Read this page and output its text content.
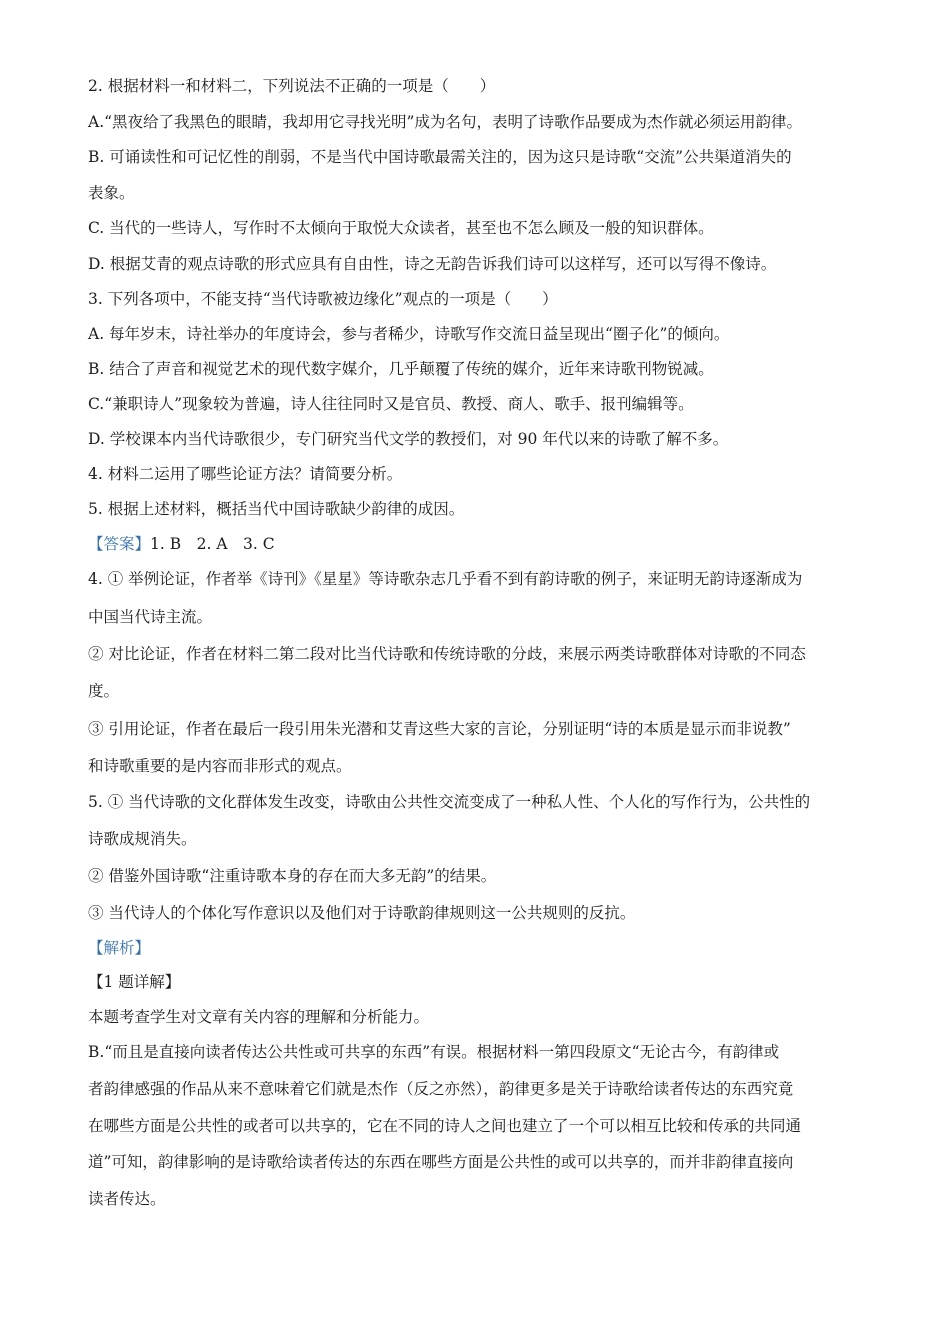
2. 根据材料一和材料二，下列说法不正确的一项是（　　）

A.“黑夜给了我黑色的眼睛，我却用它寻找光明”成为名句，表明了诗歌作品要成为杰作就必须运用韵律。

B. 可诵读性和可记忆性的削弱，不是当代中国诗歌最需关注的，因为这只是诗歌“交流”公共渠道消失的

表象。

C. 当代的一些诗人，写作时不太倾向于取悦大众读者，甚至也不怎么顾及一般的知识群体。

D. 根据艾青的观点诗歌的形式应具有自由性，诗之无韵告诉我们诗可以这样写，还可以写得不像诗。

3. 下列各项中，不能支持“当代诗歌被边缘化”观点的一项是（　　）

A. 每年岁末，诗社举办的年度诗会，参与者稀少，诗歌写作交流日益呈现出“圈子化”的倾向。

B. 结合了声音和视觉艺术的现代数字媒介，几乎颠覆了传统的媒介，近年来诗歌刊物锐减。

C.“兼职诗人”现象较为普遍，诗人往往同时又是官员、教授、商人、歌手、报刊编辑等。

D. 学校课本内当代诗歌很少，专门研究当代文学的教授们，对 90 年代以来的诗歌了解不多。

4. 材料二运用了哪些论证方法？请简要分析。

5. 根据上述材料，概括当代中国诗歌缺少韵律的成因。

【答案】1. B　2. A　3. C

4. ① 举例论证，作者举《诗刊》《星星》等诗歌杂志几乎看不到有韵诗歌的例子，来证明无韵诗逐渐成为

中国当代诗主流。

② 对比论证，作者在材料二第二段对比当代诗歌和传统诗歌的分歧，来展示两类诗歌群体对诗歌的不同态

度。

③ 引用论证，作者在最后一段引用朱光潜和艾青这些大家的言论，分别证明“诗的本质是显示而非说教”

和诗歌重要的是内容而非形式的观点。

5. ① 当代诗歌的文化群体发生改变，诗歌由公共性交流变成了一种私人性、个人化的写作行为，公共性的

诗歌成规消失。

② 借鉴外国诗歌“注重诗歌本身的存在而大多无韵”的结果。

③ 当代诗人的个体化写作意识以及他们对于诗歌韵律规则这一公共规则的反抗。

【解析】

【1 题详解】

本题考查学生对文章有关内容的理解和分析能力。

B.“而且是直接向读者传达公共性或可共享的东西”有误。根据材料一第四段原文“无论古今，有韵律或

者韵律感强的作品从来不意味着它们就是杰作（反之亦然），韵律更多是关于诗歌给读者传达的东西究竟

在哪些方面是公共性的或者可以共享的，它在不同的诗人之间也建立了一个可以相互比较和传承的共同通

道”可知，韵律影响的是诗歌给读者传达的东西在哪些方面是公共性的或可以共享的，而并非韵律直接向

读者传达。
